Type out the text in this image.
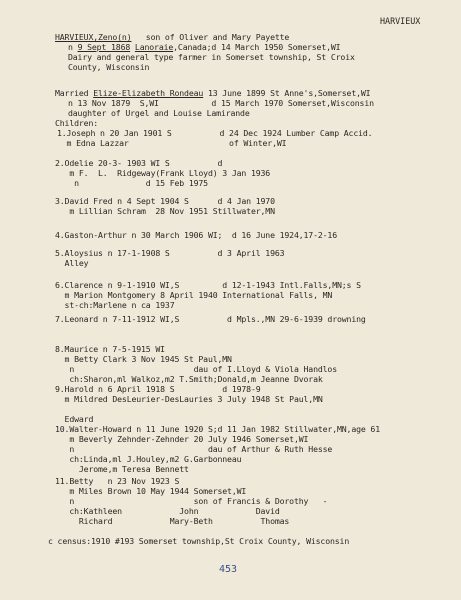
HARVIEUX
HARVIEUX,Zeno(n)   son of Oliver and Mary Payette
n 9 Sept 1868 Lanoraie,Canada;d 14 March 1950 Somerset,WI
Dairy and general type farmer in Somerset township, St Croix
County, Wisconsin
Married Elize-Elizabeth Rondeau 13 June 1899 St Anne's,Somerset,WI
n 13 Nov 1879  S,WI           d 15 March 1970 Somerset,Wisconsin
daughter of Urgel and Louise Lamirande
Children:
1.Joseph n 20 Jan 1901 S          d 24 Dec 1924 Lumber Camp Accid.
m Edna Lazzar                     of Winter,WI
2.Odelie 20-3- 1903 WI S          d
m F.  L.  Ridgeway(Frank Lloyd) 3 Jan 1936
n              d 15 Feb 1975
3.David Fred n 4 Sept 1904 S      d 4 Jan 1970
m Lillian Schram  28 Nov 1951 Stillwater,MN
4.Gaston-Arthur n 30 March 1906 WI;  d 16 June 1924,17-2-16
5.Aloysius n 17-1-1908 S          d 3 April 1963
Alley
6.Clarence n 9-1-1910 WI,S         d 12-1-1943 Intl.Falls,MN;s S
m Marion Montgomery 8 April 1940 International Falls, MN
st-ch:Marlene n ca 1937
7.Leonard n 7-11-1912 WI,S          d Mpls.,MN 29-6-1939 drowning
8.Maurice n 7-5-1915 WI
m Betty Clark 3 Nov 1945 St Paul,MN
n                         dau of I.Lloyd & Viola Handlos
ch:Sharon,ml Walkoz,m2 T.Smith;Donald,m Jeanne Dvorak
9.Harold n 6 April 1918 S          d 1978-9
m Mildred DesLeurier-DesLauries 3 July 1948 St Paul,MN
Edward
10.Walter-Howard n 11 June 1920 S;d 11 Jan 1982 Stillwater,MN,age 61
m Beverly Zehnder-Zehnder 20 July 1946 Somerset,WI
n                            dau of Arthur & Ruth Hesse
ch:Linda,ml J.Houley,m2 G.Garbonneau
Jerome,m Teresa Bennett
11.Betty   n 23 Nov 1923 S
m Miles Brown 10 May 1944 Somerset,WI
n                         son of Francis & Dorothy   -
ch:Kathleen            John            David
Richard            Mary-Beth          Thomas
c census:1910 #193 Somerset township,St Croix County, Wisconsin
453
